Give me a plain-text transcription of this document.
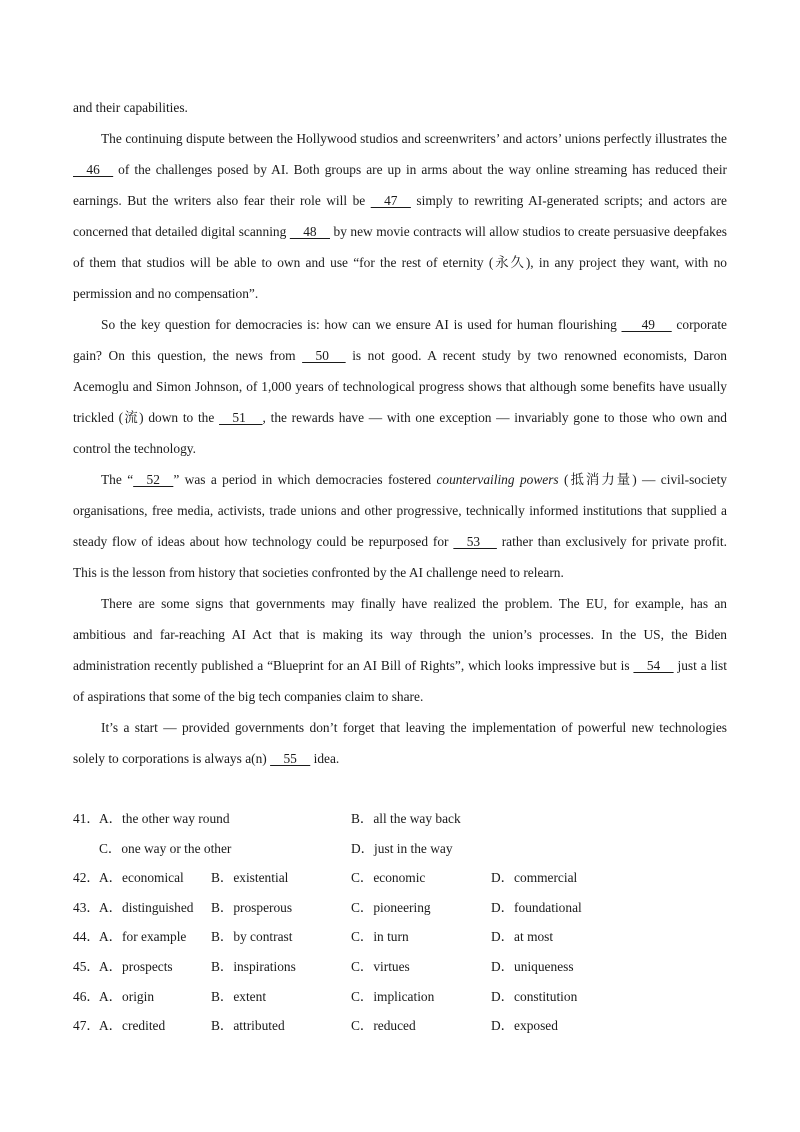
and their capabilities.

The continuing dispute between the Hollywood studios and screenwriters’ and actors’ unions perfectly illustrates the     46     of the challenges posed by AI. Both groups are up in arms about the way online streaming has reduced their earnings. But the writers also fear their role will be     47     simply to rewriting AI-generated scripts; and actors are concerned that detailed digital scanning     48     by new movie contracts will allow studios to create persuasive deepfakes of them that studios will be able to own and use “for the rest of eternity (永久), in any project they want, with no permission and no compensation”.

So the key question for democracies is: how can we ensure AI is used for human flourishing       49      corporate gain? On this question, the news from     50      is not good. A recent study by two renowned economists, Daron Acemoglu and Simon Johnson, of 1,000 years of technological progress shows that although some benefits have usually trickled (流) down to the     51     , the rewards have — with one exception — invariably gone to those who own and control the technology.

The “    52    ” was a period in which democracies fostered countervailing powers (抵消力量) — civil-society organisations, free media, activists, trade unions and other progressive, technically informed institutions that supplied a steady flow of ideas about how technology could be repurposed for     53      rather than exclusively for private profit. This is the lesson from history that societies confronted by the AI challenge need to relearn.

There are some signs that governments may finally have realized the problem. The EU, for example, has an ambitious and far-reaching AI Act that is making its way through the union’s processes. In the US, the Biden administration recently published a “Blueprint for an AI Bill of Rights”, which looks impressive but is     54     just a list of aspirations that some of the big tech companies claim to share.

It’s a start — provided governments don’t forget that leaving the implementation of powerful new technologies solely to corporations is always a(n)     55     idea.

41． A．the other way round	B．all the way back
C．one way or the other	D．just in the way
42． A．economical B．existential	C．economic	D．commercial
43． A．distinguished B．prosperous	C．pioneering	D．foundational
44． A．for example B．by contrast	C．in turn	D．at most
45． A．prospects	B．inspirations	C．virtues	D．uniqueness
46． A．origin	B．extent	C．implication	D．constitution
47． A．credited	B．attributed	C．reduced	D．exposed
